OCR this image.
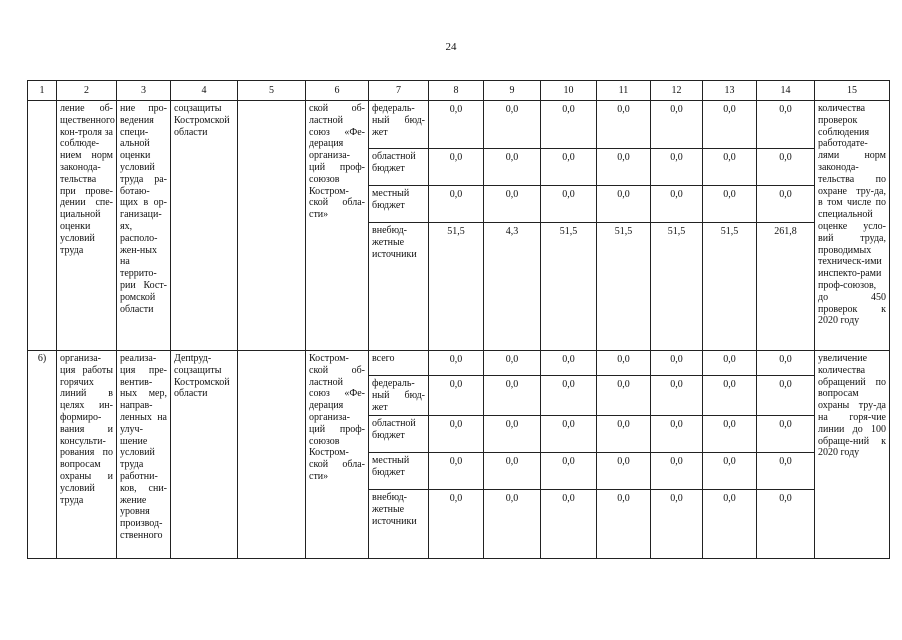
24
1	2	3	4	5	6	7	8	9	10	11	12	13	14	15
	ление об-щественного кон-троля за соблюде-нием норм законода-тельства при прове-дении спе-циальной оценки условий труда	ние про-ведения специ-альной оценки условий труда ра-ботаю-щих в ор-ганизаци-ях, располо-жен-ных на террито-рии Кост-ромской области	соцзащиты Костромской области		ской об-ластной союз «Фе-дерация организа-ций проф-союзов Костром-ской обла-сти»	федераль-ный бюд-жет	0,0	0,0	0,0	0,0	0,0	0,0	0,0	количества проверок соблюдения работодате-лями норм законода-тельства по охране тру-да, в том числе по специальной оценке усло-вий труда, проводимых техническ-ими инспекто-рами проф-союзов, до 450 проверок к 2020 году
						областной бюджет	0,0	0,0	0,0	0,0	0,0	0,0	0,0	
						местный бюджет	0,0	0,0	0,0	0,0	0,0	0,0	0,0	
						внебюд-жетные источники	51,5	4,3	51,5	51,5	51,5	51,5	261,8	
6)	организа-ция работы горячих линий в целях ин-формиро-вания и консульти-рования по вопросам охраны и условий труда	реализа-ция пре-вентив-ных мер, направ-ленных на улуч-шение условий труда работни-ков, сни-жение уровня производ-ственного	Депtруд-соцзащиты Костромской области		Костром-ской об-ластной союз «Фе-дерация организа-ций проф-союзов Костром-ской обла-сти»	всего	0,0	0,0	0,0	0,0	0,0	0,0	0,0	увеличение количества обращений по вопросам охраны тру-да на горя-чие линии до 100 обраще-ний к 2020 году
						федераль-ный бюд-жет	0,0	0,0	0,0	0,0	0,0	0,0	0,0	
						областной бюджет	0,0	0,0	0,0	0,0	0,0	0,0	0,0	
						местный бюджет	0,0	0,0	0,0	0,0	0,0	0,0	0,0	
						внебюд-жетные источники	0,0	0,0	0,0	0,0	0,0	0,0	0,0	
